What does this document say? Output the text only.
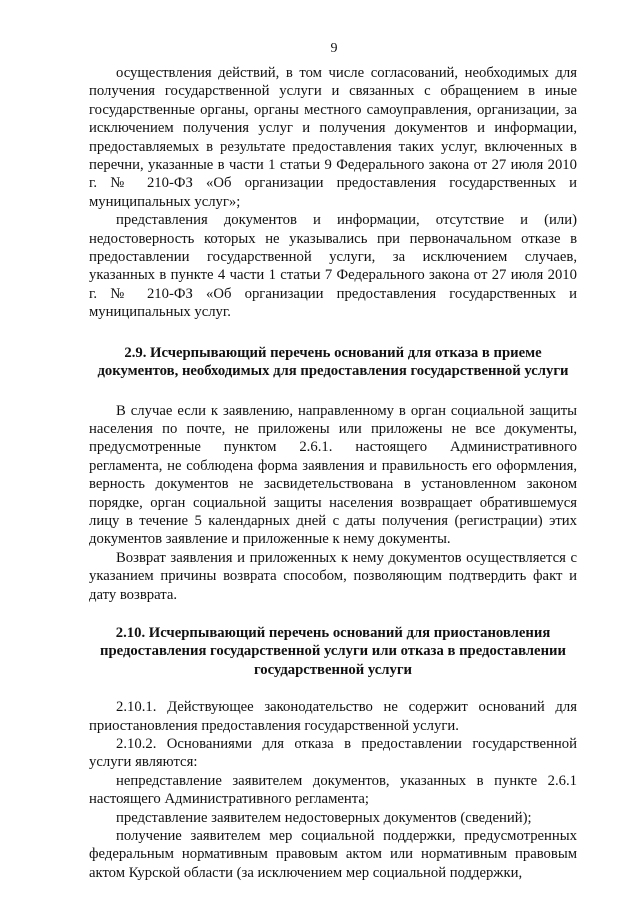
9

осуществления действий, в том числе согласований, необходимых для получения государственной услуги и связанных с обращением в иные государственные органы, органы местного самоуправления, организации, за исключением получения услуг и получения документов и информации, предоставляемых в результате предоставления таких услуг, включенных в перечни, указанные в части 1 статьи 9 Федерального закона от 27 июля 2010 г. № 210-ФЗ «Об организации предоставления государственных и муниципальных услуг»;

представления документов и информации, отсутствие и (или) недостоверность которых не указывались при первоначальном отказе в предоставлении государственной услуги, за исключением случаев, указанных в пункте 4 части 1 статьи 7 Федерального закона от 27 июля 2010 г. № 210-ФЗ «Об организации предоставления государственных и муниципальных услуг.

2.9. Исчерпывающий перечень оснований для отказа в приеме документов, необходимых для предоставления государственной услуги

В случае если к заявлению, направленному в орган социальной защиты населения по почте, не приложены или приложены не все документы, предусмотренные пунктом 2.6.1. настоящего Административного регламента, не соблюдена форма заявления и правильность его оформления, верность документов не засвидетельствована в установленном законом порядке, орган социальной защиты населения возвращает обратившемуся лицу в течение 5 календарных дней с даты получения (регистрации) этих документов заявление и приложенные к нему документы.

Возврат заявления и приложенных к нему документов осуществляется с указанием причины возврата способом, позволяющим подтвердить факт и дату возврата.

2.10. Исчерпывающий перечень оснований для приостановления предоставления государственной услуги или отказа в предоставлении государственной услуги

2.10.1. Действующее законодательство не содержит оснований для приостановления предоставления государственной услуги.

2.10.2. Основаниями для отказа в предоставлении государственной услуги являются:

непредставление заявителем документов, указанных в пункте 2.6.1 настоящего Административного регламента;

представление заявителем недостоверных документов (сведений);

получение заявителем мер социальной поддержки, предусмотренных федеральным нормативным правовым актом или нормативным правовым актом Курской области (за исключением мер социальной поддержки,
